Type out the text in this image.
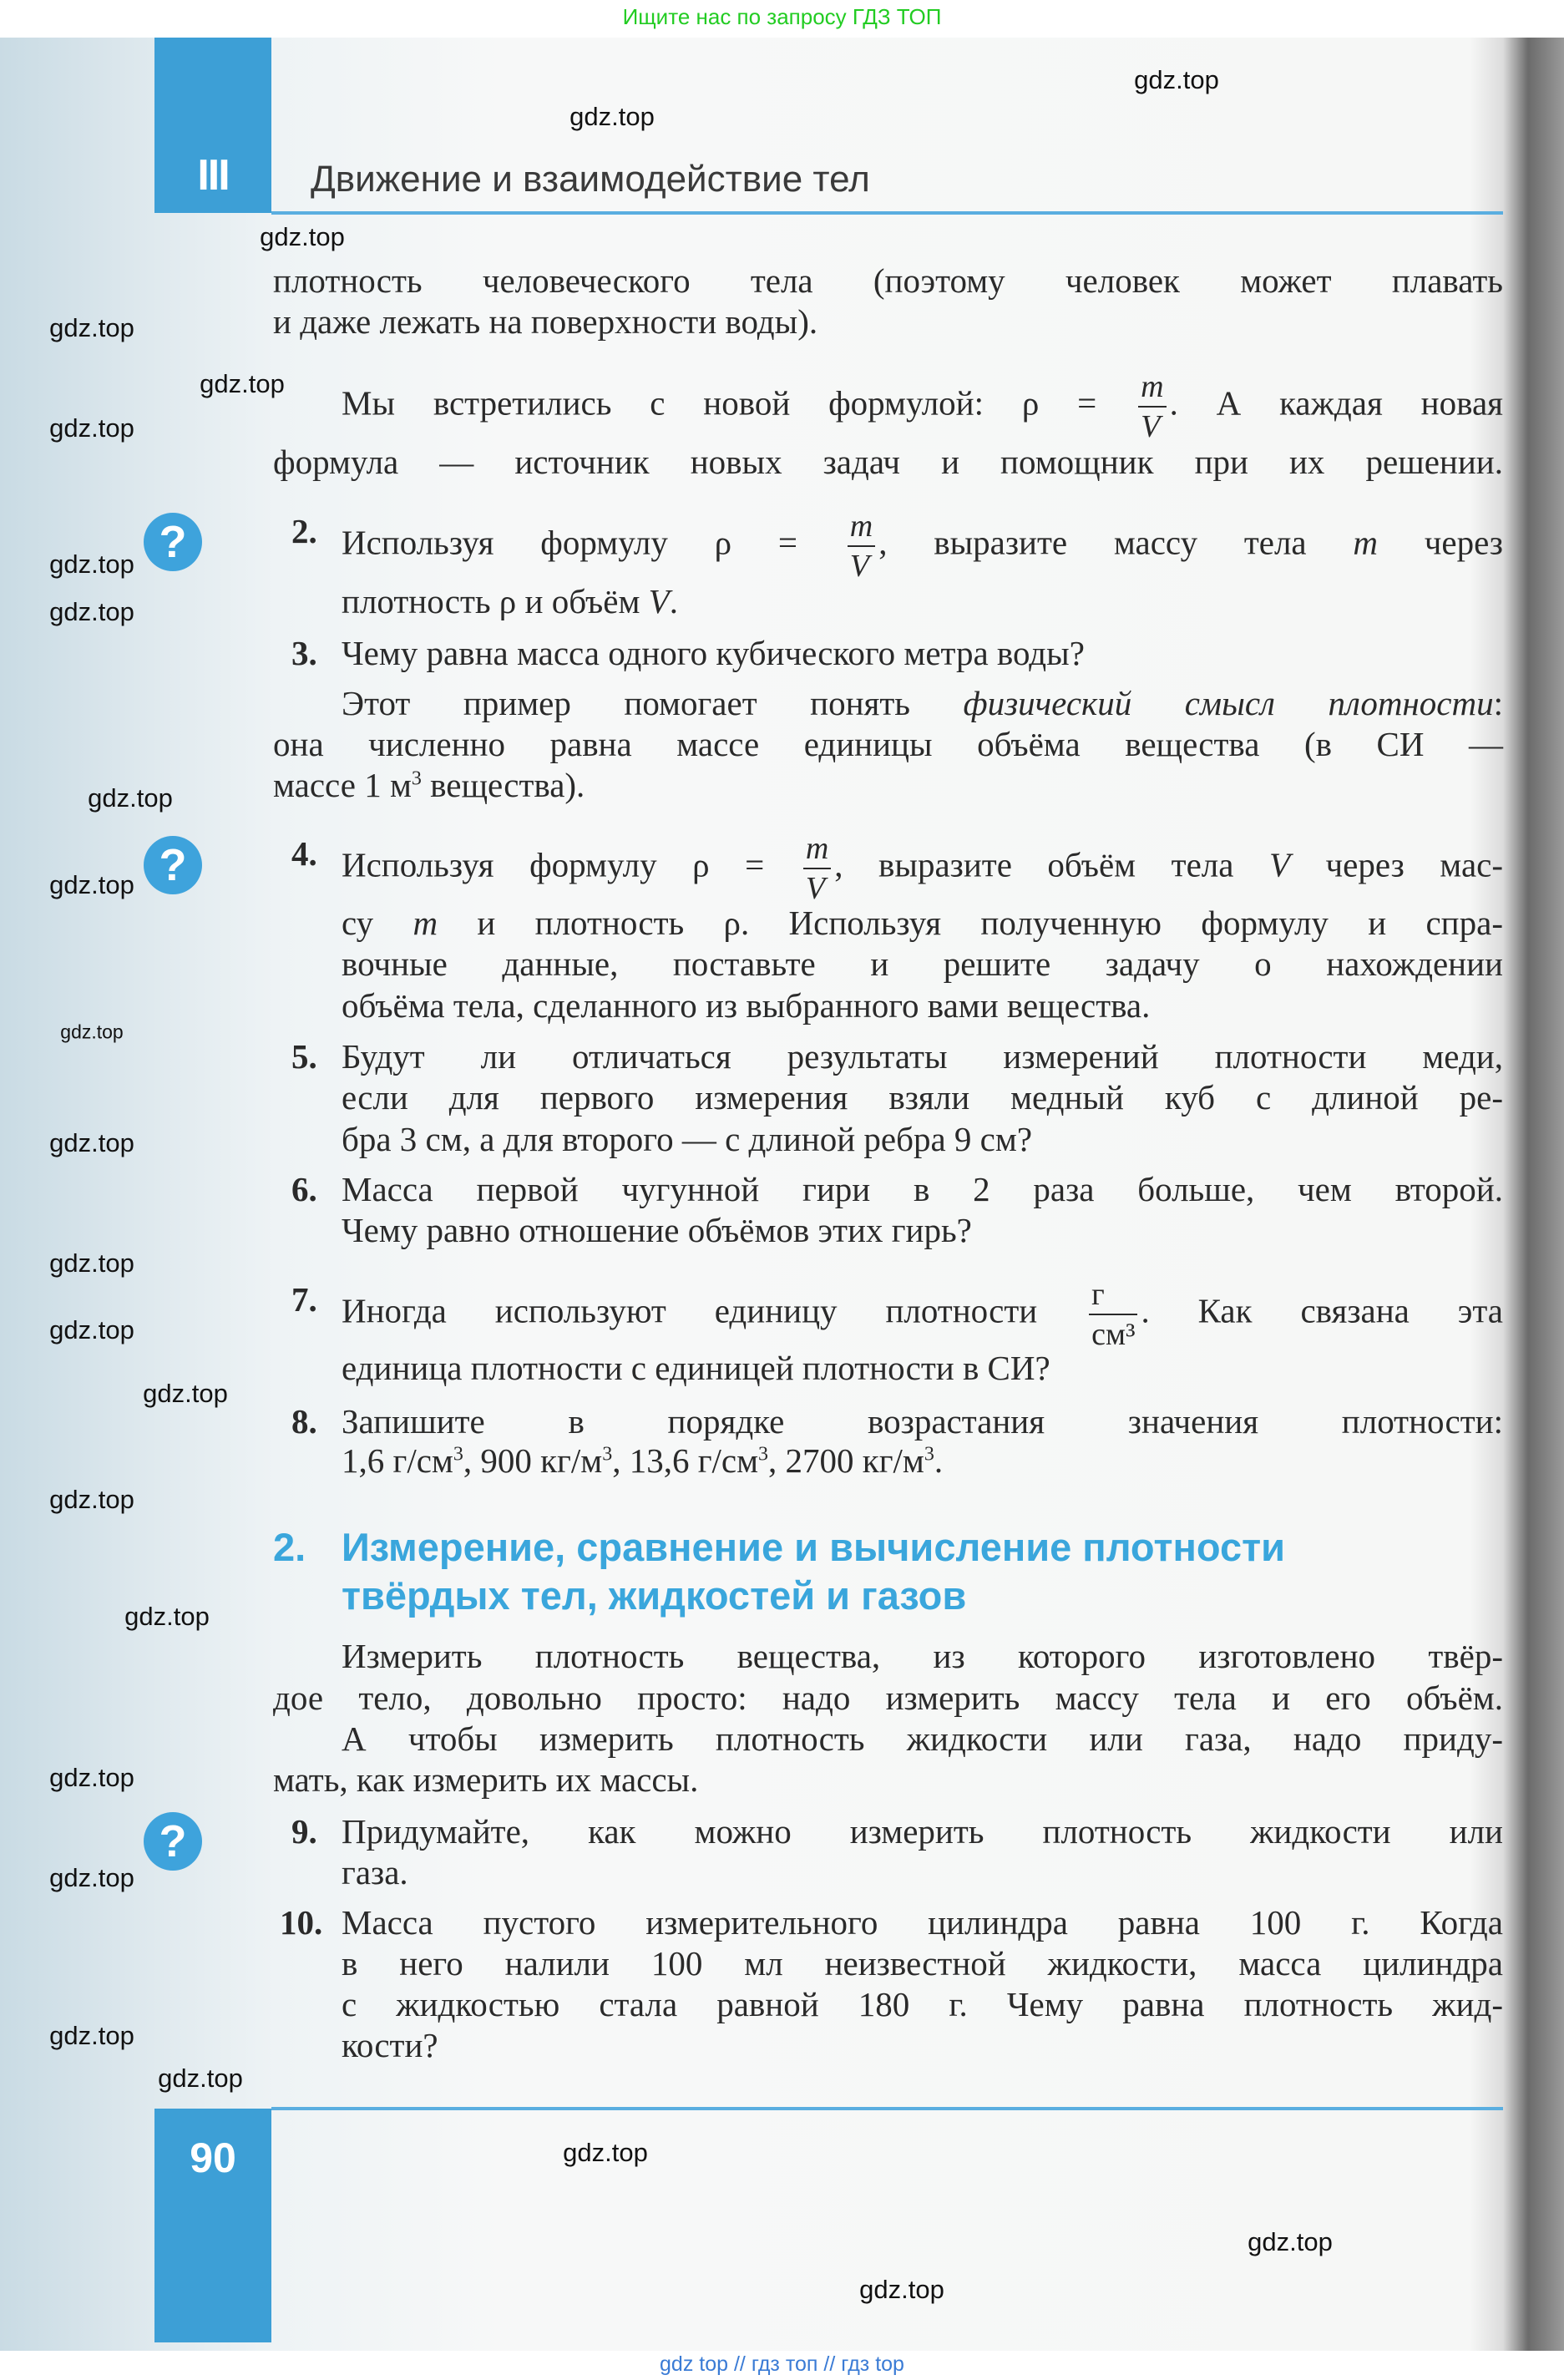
Ищите нас по запросу ГДЗ ТОП
III	Движение и взаимодействие тел
90
2. Измерение, сравнение и вычисление плотности
твёрдых тел, жидкостей и газов
?
?
?
плотность человеческого тела (поэтому человек может плавать
и даже лежать на поверхности воды).
Мы встретились с новой формулой: $\rho = \frac{m}{V}$ . А каждая новая
формула — источник новых задач и помощник при их решении.
Используя формулу $\rho = \frac{m}{V}$ , выразите массу тела m через
2.
плотность ρ и объём V.
Чему равна масса одного кубического метра воды?
3.
Этот пример помогает понять физический смысл плотности:
она численно равна массе единицы объёма вещества (в СИ —
массе 1 $м^3$ вещества).
Используя формулу $\rho = \frac{m}{V}$ , выразите объём тела V через мас-
4.
су m и плотность ρ. Используя полученную формулу и спра-
вочные данные, поставьте и решите задачу о нахождении
объёма тела, сделанного из выбранного вами вещества.
Будут ли отличаться результаты измерений плотности меди,
5.
если для первого измерения взяли медный куб с длиной ре-
бра 3 см, а для второго — с длиной ребра 9 см?
Масса первой чугунной гири в 2 раза больше, чем второй.
6.
Чему равно отношение объёмов этих гирь?
Иногда используют единицу плотности $\frac{г}{\text{см³}}$ . Как связана эта
7.
единица плотности с единицей плотности в СИ?
Запишите в порядке возрастания значения плотности:
8.
1,6 $г/см^3$, 900 $кг/м^3$, 13,6 $г/см^3$, 2700 $кг/м^3$.
Измерить плотность вещества, из которого изготовлено твёр-
дое тело, довольно просто: надо измерить массу тела и его объём.
А чтобы измерить плотность жидкости или газа, надо приду-
мать, как измерить их массы.
Придумайте, как можно измерить плотность жидкости или
9.
газа.
Масса пустого измерительного цилиндра равна 100 г. Когда
10.
в него налили 100 мл неизвестной жидкости, масса цилиндра
с жидкостью стала равной 180 г. Чему равна плотность жид-
кости?
gdz.top
gdz.top
gdz.top
gdz.top
gdz.top
gdz.top
gdz.top
gdz.top
gdz.top
gdz.top
gdz.top
gdz.top
gdz.top
gdz.top
gdz.top
gdz.top
gdz.top
gdz.top
gdz.top
gdz.top
gdz.top
gdz.top
gdz.top
gdz.top
gdz top // гдз топ // гдз top
